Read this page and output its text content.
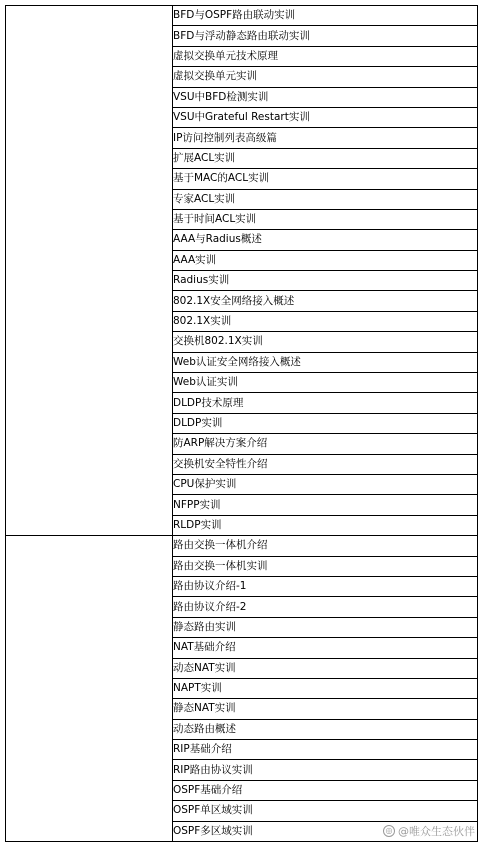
	BFD与OSPF路由联动实训
	BFD与浮动静态路由联动实训
	虚拟交换单元技术原理
	虚拟交换单元实训
	VSU中BFD检测实训
	VSU中Grateful Restart实训
	IP访问控制列表高级篇
	扩展ACL实训
	基于MAC的ACL实训
	专家ACL实训
	基于时间ACL实训
	AAA与Radius概述
	AAA实训
	Radius实训
	802.1X安全网络接入概述
	802.1X实训
	交换机802.1X实训
	Web认证安全网络接入概述
	Web认证实训
	DLDP技术原理
	DLDP实训
	防ARP解决方案介绍
	交换机安全特性介绍
	CPU保护实训
	NFPP实训
	RLDP实训
	路由交换一体机介绍
	路由交换一体机实训
	路由协议介绍-1
	路由协议介绍-2
	静态路由实训
	NAT基础介绍
	动态NAT实训
	NAPT实训
	静态NAT实训
	动态路由概述
	RIP基础介绍
	RIP路由协议实训
	OSPF基础介绍
	OSPF单区域实训
	OSPF多区域实训	◎ @唯众生态伙伴
